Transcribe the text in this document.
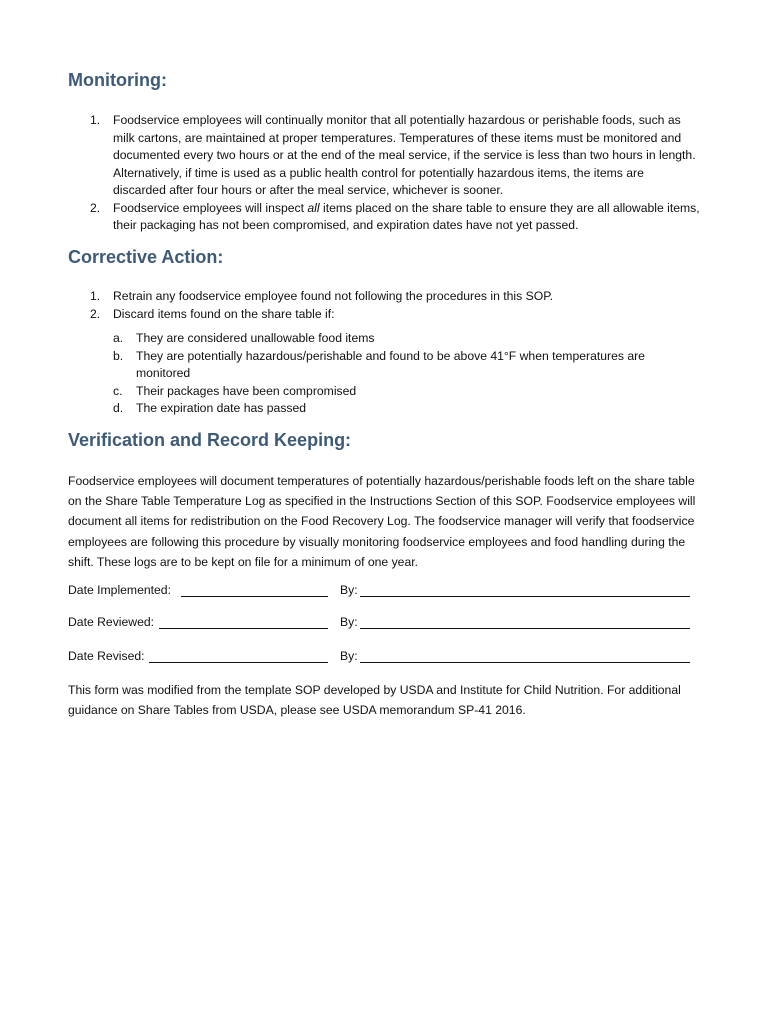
Monitoring:
1. Foodservice employees will continually monitor that all potentially hazardous or perishable foods, such as milk cartons, are maintained at proper temperatures. Temperatures of these items must be monitored and documented every two hours or at the end of the meal service, if the service is less than two hours in length. Alternatively, if time is used as a public health control for potentially hazardous items, the items are discarded after four hours or after the meal service, whichever is sooner.
2. Foodservice employees will inspect all items placed on the share table to ensure they are all allowable items, their packaging has not been compromised, and expiration dates have not yet passed.
Corrective Action:
1. Retrain any foodservice employee found not following the procedures in this SOP.
2. Discard items found on the share table if:
a. They are considered unallowable food items
b. They are potentially hazardous/perishable and found to be above 41°F when temperatures are monitored
c. Their packages have been compromised
d. The expiration date has passed
Verification and Record Keeping:

Foodservice employees will document temperatures of potentially hazardous/perishable foods left on the share table on the Share Table Temperature Log as specified in the Instructions Section of this SOP. Foodservice employees will document all items for redistribution on the Food Recovery Log. The foodservice manager will verify that foodservice employees are following this procedure by visually monitoring foodservice employees and food handling during the shift. These logs are to be kept on file for a minimum of one year.

Date Implemented:	By:
Date Reviewed:	By:
Date Revised:	By:

This form was modified from the template SOP developed by USDA and Institute for Child Nutrition. For additional guidance on Share Tables from USDA, please see USDA memorandum SP-41 2016.
